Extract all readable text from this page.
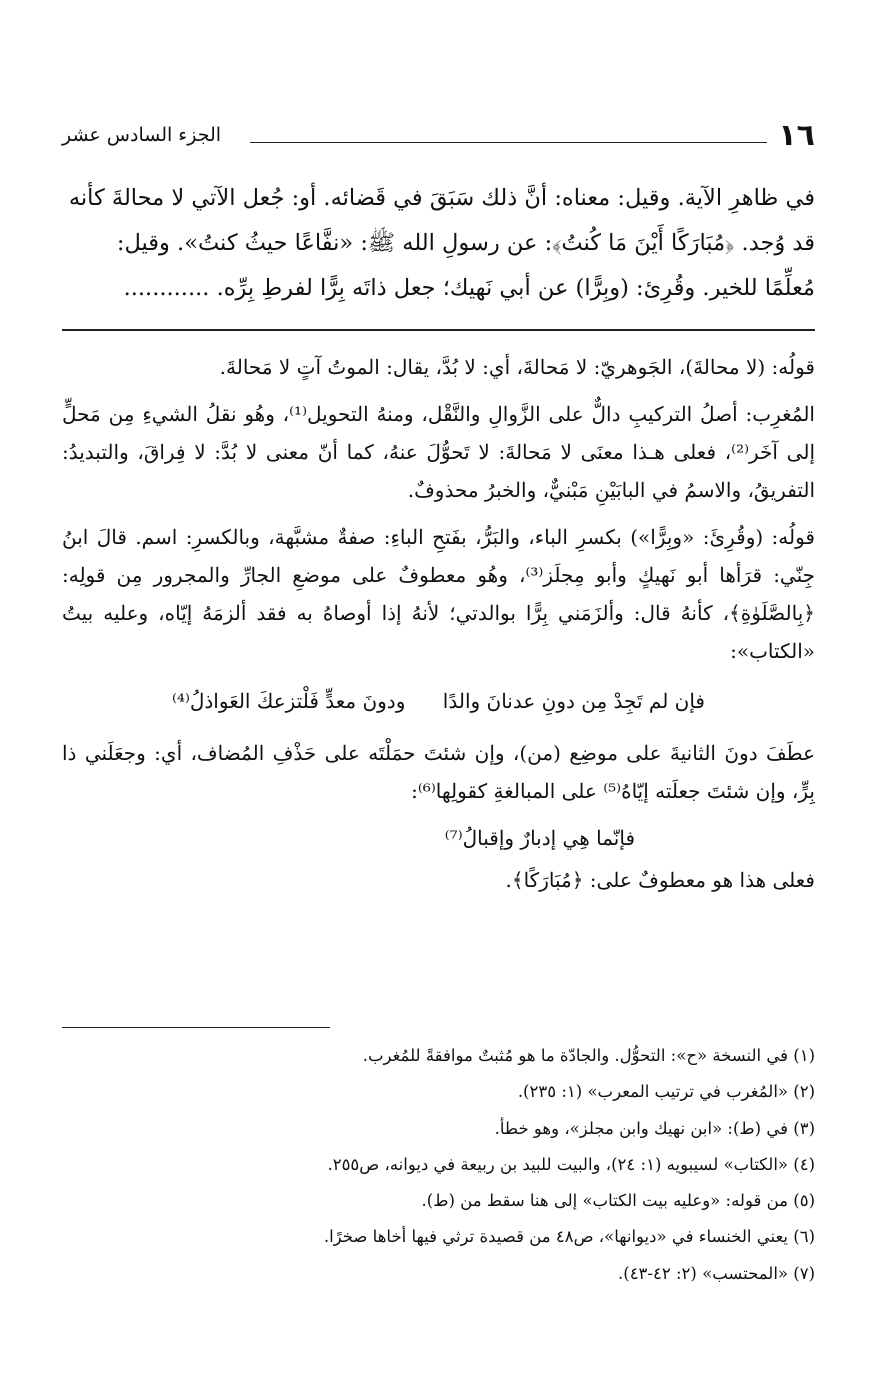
١٦
الجزء السادس عشر

في ظاهرِ الآية. وقيل: معناه: أنَّ ذلك سَبَقَ في قَضائه. أو: جُعل الآتي لا محالةَ كأنه

قد وُجد. ﴿مُبَارَكًا أَيْنَ مَا كُنتُ﴾: عن رسولِ الله ﷺ: «نفَّاعًا حيثُ كنتُ». وقيل:

مُعلِّمًا للخير. وقُرِئ: (وبِرًّا) عن أبي نَهيك؛ جعل ذاتَه بِرًّا لفرطِ بِرِّه. ............

قولُه: (لا محالةَ)، الجَوهريّ: لا مَحالةَ، أي: لا بُدَّ، يقال: الموتُ آتٍ لا مَحالةَ.

المُغرِب: أصلُ التركيبِ دالٌّ على الزَّوالِ والنَّقْل، ومنهُ التحويل⁽¹⁾، وهُو نقلُ الشيءِ مِن مَحلٍّ إلى آخَر⁽²⁾، فعلى هـذا معنَى لا مَحالةَ: لا تَحوُّلَ عنهُ، كما أنّ معنى لا بُدَّ: لا فِراقَ، والتبديدُ: التفريقُ، والاسمُ في البابَيْنِ مَبْنيٌّ، والخبرُ محذوفٌ.

قولُه: (وقُرِئَ: «وبِرًّا») بكسرِ الباء، والبَرُّ، بفَتحِ الباءِ: صفةٌ مشبَّهة، وبالكسرِ: اسم. قالَ ابنُ جِنّي: قرَأها أبو نَهيكٍ وأبو مِجلَز⁽³⁾، وهُو معطوفٌ على موضعِ الجارِّ والمجرور مِن قولِه: ﴿بِالصَّلَوٰةِ﴾، كأنهُ قال: وألزَمَني بِرًّا بوالدتي؛ لأنهُ إذا أوصاهُ به فقد ألزمَهُ إيّاه، وعليه بيتُ «الكتاب»:

فإن لم تَجِدْ مِن دونِ عدنانَ والدًا
ودونَ معدٍّ فَلْتزعكَ العَواذلُ⁽⁴⁾

عطَفَ دونَ الثانيةَ على موضِع (من)، وإن شئتَ حمَلْتَه على حَذْفِ المُضاف، أي: وجعَلَني ذا بِرٍّ، وإن شئتَ جعلَته إيّاهُ⁽⁵⁾ على المبالغةِ كقولِها⁽⁶⁾:

فإنّما هِي إدبارٌ وإقبالُ⁽⁷⁾

فعلى هذا هو معطوفٌ على: ﴿مُبَارَكًا﴾.

(١) في النسخة «ح»: التحوُّل. والجادّة ما هو مُثبتٌ موافقةً للمُغرب.
(٢) «المُغرب في ترتيب المعرب» (١: ٢٣٥).
(٣) في (ط): «ابن نهيك وابن مجلز»، وهو خطأ.
(٤) «الكتاب» لسيبويه (١: ٢٤)، والبيت للبيد بن ربيعة في ديوانه، ص٢٥٥.
(٥) من قوله: «وعليه بيت الكتاب» إلى هنا سقط من (ط).
(٦) يعني الخنساء في «ديوانها»، ص٤٨ من قصيدة ترثي فيها أخاها صخرًا.
(٧) «المحتسب» (٢: ٤٢-٤٣).
